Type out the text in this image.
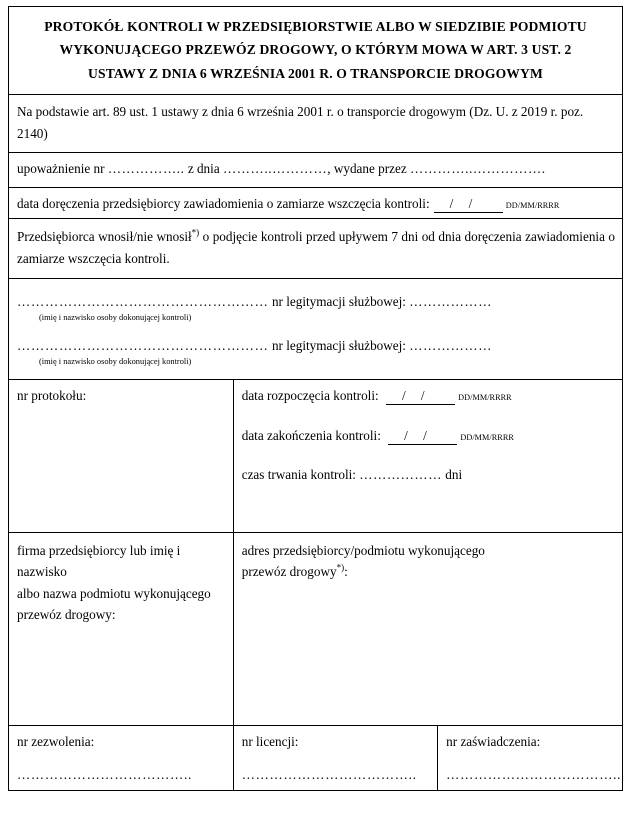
PROTOKÓŁ KONTROLI W PRZEDSIĘBIORSTWIE ALBO W SIEDZIBIE PODMIOTU
WYKONUJĄCEGO PRZEWÓZ DROGOWY, O KTÓRYM MOWA W ART. 3 UST. 2
USTAWY Z DNIA 6 WRZEŚNIA 2001 R. O TRANSPORCIE DROGOWYM		

Na podstawie art. 89 ust. 1 ustawy z dnia 6 września 2001 r. o transporcie drogowym (Dz. U. z 2019 r. poz. 2140)		

upoważnienie nr …………….. z dnia ………..…………, wydane przez …………..…………….		

data doręczenia przedsiębiorcy zawiadomienia o zamiarze wszczęcia kontroli: / / DD/MM/RRRR		

Przedsiębiorca wnosił/nie wnosił*) o podjęcie kontroli przed upływem 7 dni od dnia doręczenia zawiadomienia o zamiarze wszczęcia kontroli.		

……………………………………………… nr legitymacji służbowej: ………………
(imię i nazwisko osoby dokonującej kontroli)
……………………………………………… nr legitymacji służbowej: ………………
(imię i nazwisko osoby dokonującej kontroli)		

nr protokołu:	data rozpoczęcia kontroli: / / DD/MM/RRRR
data zakończenia kontroli: / / DD/MM/RRRR
czas trwania kontroli: ……………… dni	

firma przedsiębiorcy lub imię i nazwisko
albo nazwa podmiotu wykonującego
przewóz drogowy:

adres przedsiębiorcy/podmiotu wykonującego
przewóz drogowy*):

nr zezwolenia:
………………………………..

nr licencji:
………………………………..

nr zaświadczenia:
………………………………..
